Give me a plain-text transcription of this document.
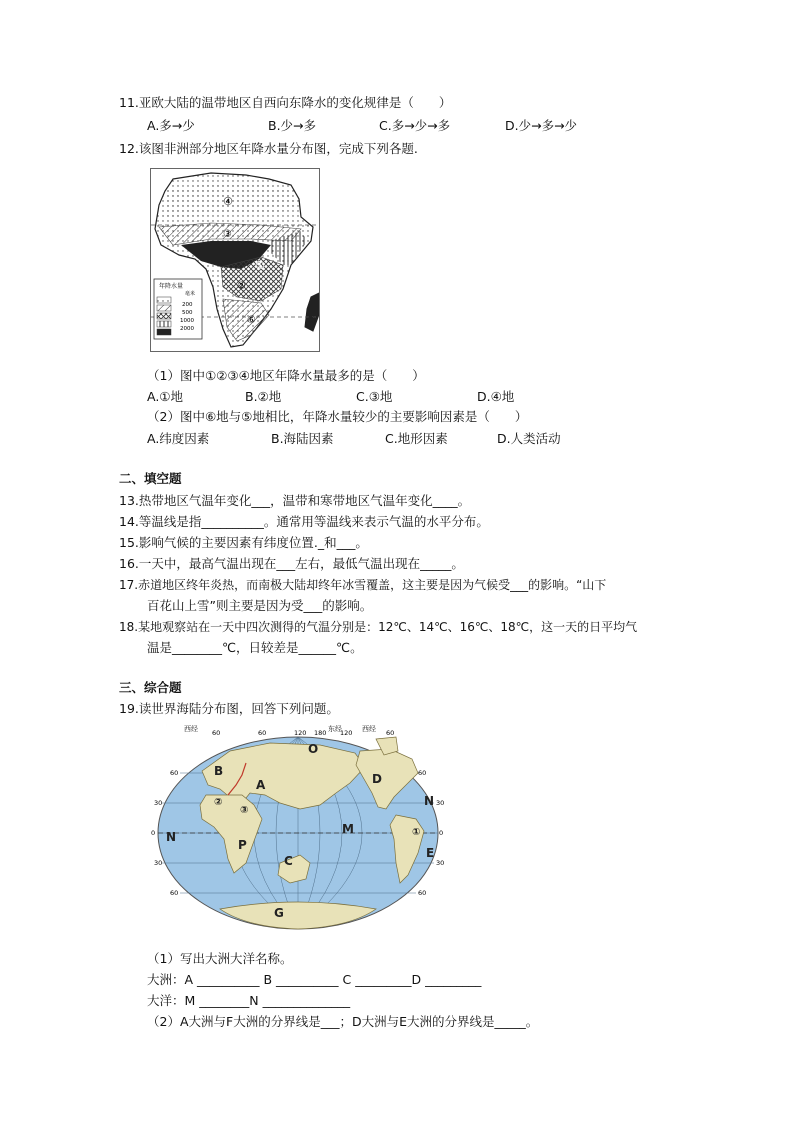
11.亚欧大陆的温带地区自西向东降水的变化规律是（　　）
A.多→少	B.少→多	C.多→少→多	D.少→多→少
12.该图非洲部分地区年降水量分布图，完成下列各题.
④
③
①
②
⑥	⑤
年降水量
毫米
200
500
1000
2000
（1）图中①②③④地区年降水量最多的是（　　）
A.①地	B.②地	C.③地	D.④地
（2）图中⑥地与⑤地相比，年降水量较少的主要影响因素是（　　）
A.纬度因素	B.海陆因素	C.地形因素	D.人类活动
二、填空题
13.热带地区气温年变化___，温带和寒带地区气温年变化____。
14.等温线是指__________。通常用等温线来表示气温的水平分布。
15.影响气候的主要因素有纬度位置._和___。
16.一天中，最高气温出现在___左右，最低气温出现在_____。
17.赤道地区终年炎热，而南极大陆却终年冰雪覆盖，这主要是因为气候受___的影响。“山下
百花山上雪”则主要是因为受___的影响。
18.某地观察站在一天中四次测得的气温分别是：12℃、14℃、16℃、18℃，这一天的日平均气
温是________℃，日较差是______℃。
三、综合题
19.读世界海陆分布图，回答下列问题。
西经	东经	西经
60	60	120 180 120	60
60
30
0
30
60
60
30
0
30
60
O
B
A	D
②
③
N
N
M	①
P
C
E
G
（1）写出大洲大洋名称。
大洲：A __________ B __________ C _________D _________
大洋：M ________N ______________
（2）A大洲与F大洲的分界线是___；D大洲与E大洲的分界线是_____。
